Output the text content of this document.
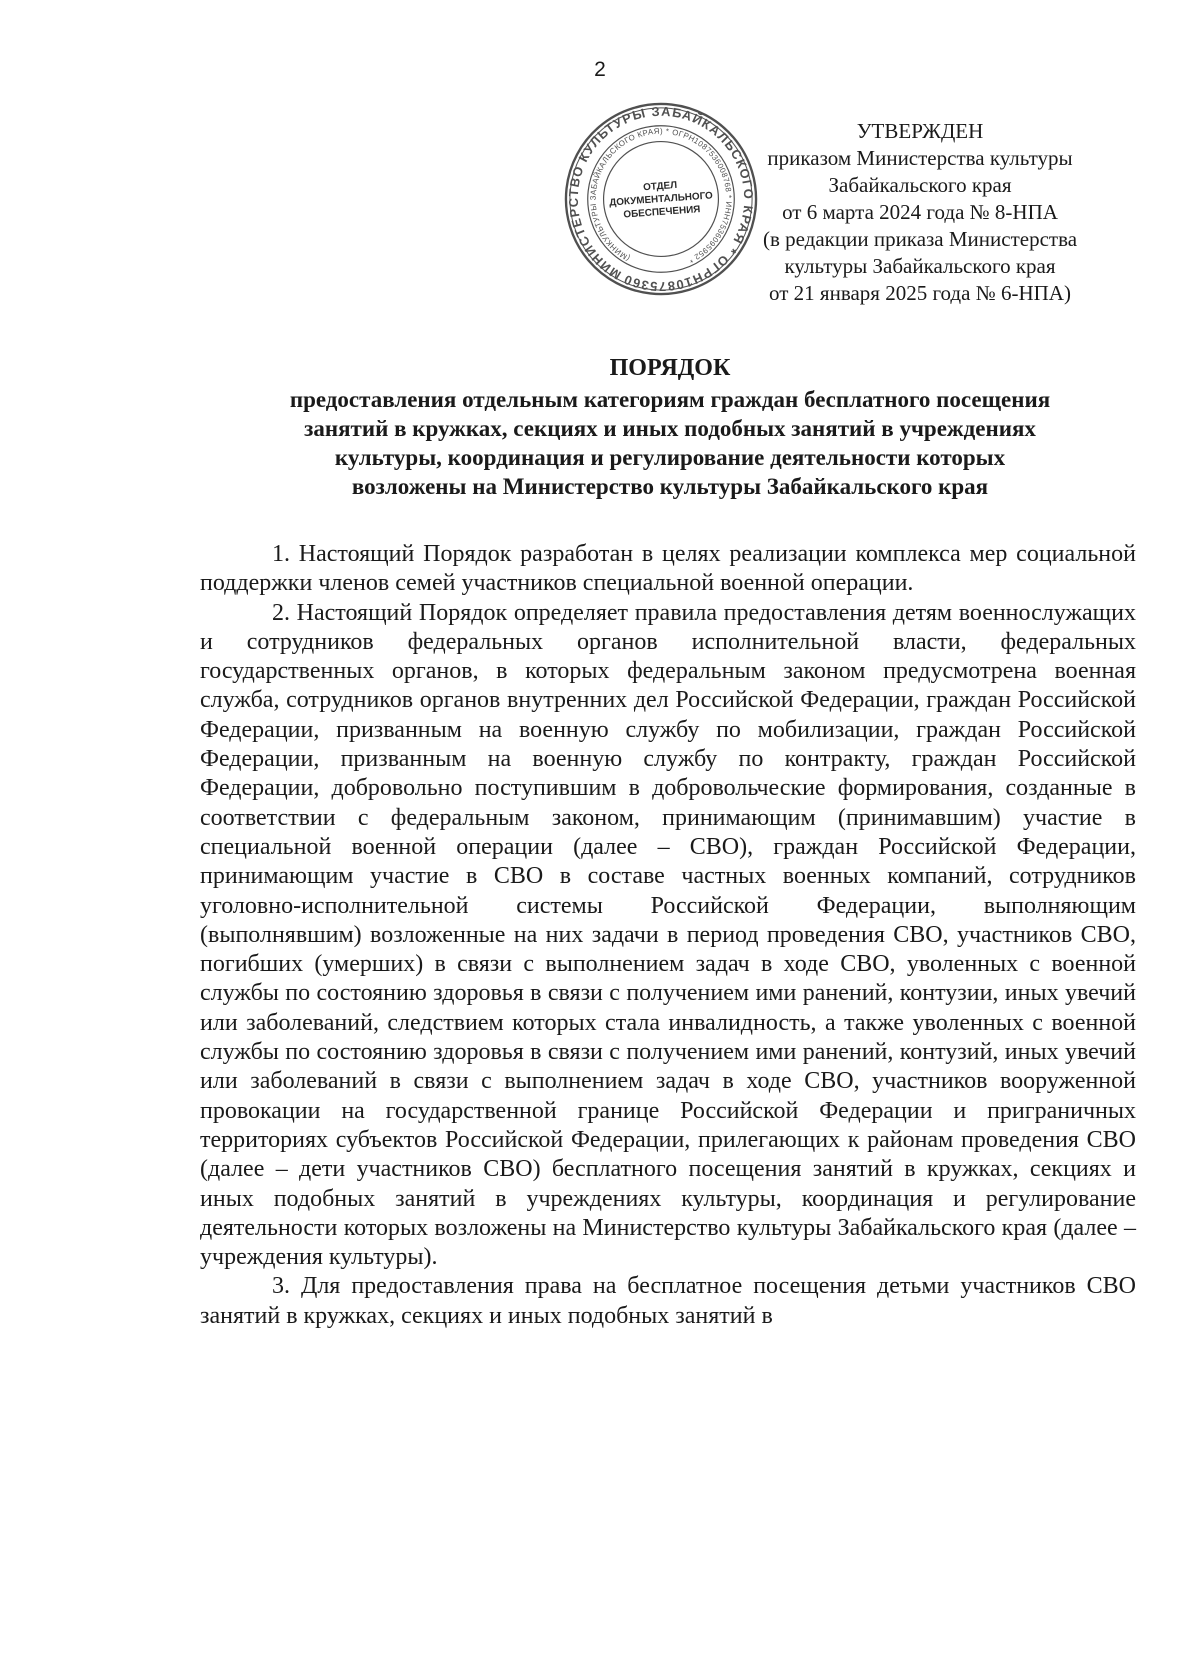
2
УТВЕРЖДЕН
приказом Министерства культуры
Забайкальского края
от 6 марта 2024 года № 8-НПА
(в редакции приказа Министерства
культуры Забайкальского края
от 21 января 2025 года № 6-НПА)
МИНИСТЕРСТВО КУЛЬТУРЫ ЗАБАЙКАЛЬСКОГО КРАЯ * ОГРН1087536008768
(МИНКУЛЬТУРЫ ЗАБАЙКАЛЬСКОГО КРАЯ) * ОГРН1087536008768 * ИНН7536095952 *
ОТДЕЛ
ДОКУМЕНТАЛЬНОГО
ОБЕСПЕЧЕНИЯ
ПОРЯДОК
предоставления отдельным категориям граждан бесплатного посещения
занятий в кружках, секциях и иных подобных занятий в учреждениях
культуры, координация и регулирование деятельности которых
возложены на Министерство культуры Забайкальского края

1. Настоящий Порядок разработан в целях реализации комплекса мер социальной поддержки членов семей участников специальной военной операции.

2. Настоящий Порядок определяет правила предоставления детям военнослужащих и сотрудников федеральных органов исполнительной власти, федеральных государственных органов, в которых федеральным законом предусмотрена военная служба, сотрудников органов внутренних дел Российской Федерации, граждан Российской Федерации, призванным на военную службу по мобилизации, граждан Российской Федерации, призванным на военную службу по контракту, граждан Российской Федерации, добровольно поступившим в добровольческие формирования, созданные в соответствии с федеральным законом, принимающим (принимавшим) участие в специальной военной операции (далее – СВО), граждан Российской Федерации, принимающим участие в СВО в составе частных военных компаний, сотрудников уголовно-исполнительной системы Российской Федерации, выполняющим (выполнявшим) возложенные на них задачи в период проведения СВО, участников СВО, погибших (умерших) в связи с выполнением задач в ходе СВО, уволенных с военной службы по состоянию здоровья в связи с получением ими ранений, контузии, иных увечий или заболеваний, следствием которых стала инвалидность, а также уволенных с военной службы по состоянию здоровья в связи с получением ими ранений, контузий, иных увечий или заболеваний в связи с выполнением задач в ходе СВО, участников вооруженной провокации на государственной границе Российской Федерации и приграничных территориях субъектов Российской Федерации, прилегающих к районам проведения СВО (далее – дети участников СВО) бесплатного посещения занятий в кружках, секциях и иных подобных занятий в учреждениях культуры, координация и регулирование деятельности которых возложены на Министерство культуры Забайкальского края (далее – учреждения культуры).

3. Для предоставления права на бесплатное посещения детьми участников СВО занятий в кружках, секциях и иных подобных занятий в
